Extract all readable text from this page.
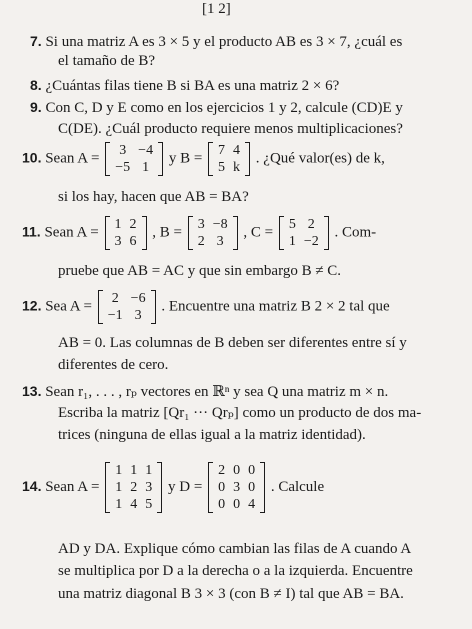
[1 2]
7. Si una matriz A es 3 × 5 y el producto AB es 3 × 7, ¿cuál es
el tamaño de B?
8. ¿Cuántas filas tiene B si BA es una matriz 2 × 6?
9. Con C, D y E como en los ejercicios 1 y 2, calcule (CD)E y
C(DE). ¿Cuál producto requiere menos multiplicaciones?
10. Sean A = 3	−4
−5	1
y B = 7	4
5	k
. ¿Qué valor(es) de k,
si los hay, hacen que AB = BA?
11. Sean A = 1	2
3	6
, B = 3	−8
2	3
, C = 5	2
1	−2
. Com-
pruebe que AB = AC y que sin embargo B ≠ C.
12. Sea A = 2	−6
−1	3
. Encuentre una matriz B 2 × 2 tal que
AB = 0. Las columnas de B deben ser diferentes entre sí y
diferentes de cero.
13. Sean r₁, . . . , rₚ vectores en ℝⁿ y sea Q una matriz m × n.
Escriba la matriz [Qr₁ ··· Qrₚ] como un producto de dos ma-
trices (ninguna de ellas igual a la matriz identidad).
14. Sean A =
1	1	1
1	2	3
1	4	5
y D =
2	0	0
0	3	0
0	0	4
. Calcule
AD y DA. Explique cómo cambian las filas de A cuando A
se multiplica por D a la derecha o a la izquierda. Encuentre
una matriz diagonal B 3 × 3 (con B ≠ I) tal que AB = BA.
